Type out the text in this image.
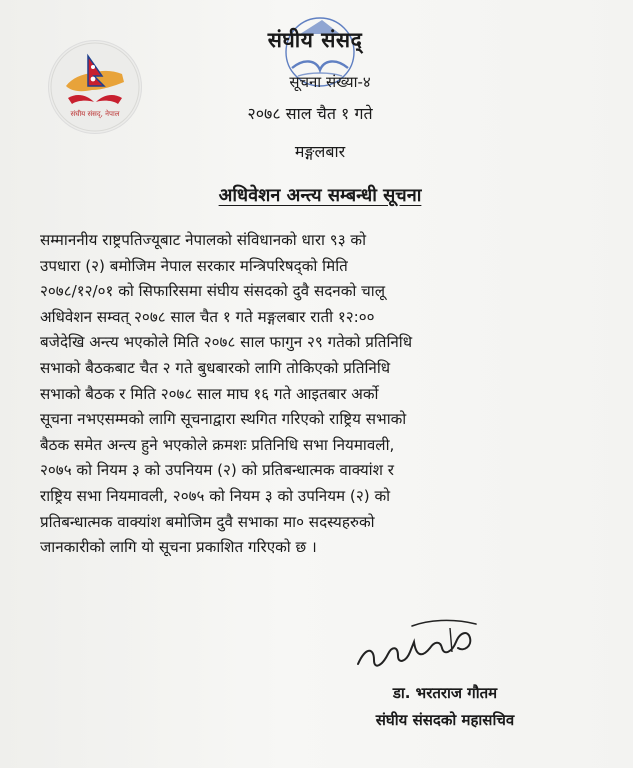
संघीय संसद्, नेपाल
संघीय संसद्
सूचना संख्या-४
२०७८ साल चैत १ गते
मङ्गलबार
अधिवेशन अन्त्य सम्बन्धी सूचना
सम्माननीय राष्ट्रपतिज्यूबाट नेपालको संविधानको धारा ९३ को
उपधारा (२) बमोजिम नेपाल सरकार मन्त्रिपरिषद्को मिति
२०७८/१२/०१ को सिफारिसमा संघीय संसदको दुवै सदनको चालू
अधिवेशन सम्वत् २०७८ साल चैत १ गते मङ्गलबार राती १२:००
बजेदेखि अन्त्य भएकोले मिति २०७८ साल फागुन २९ गतेको प्रतिनिधि
सभाको बैठकबाट चैत २ गते बुधबारको लागि तोकिएको प्रतिनिधि
सभाको बैठक र मिति २०७८ साल माघ १६ गते आइतबार अर्को
सूचना नभएसम्मको लागि सूचनाद्वारा स्थगित गरिएको राष्ट्रिय सभाको
बैठक समेत अन्त्य हुने भएकोले क्रमशः प्रतिनिधि सभा नियमावली,
२०७५ को नियम ३ को उपनियम (२) को प्रतिबन्धात्मक वाक्यांश र
राष्ट्रिय सभा नियमावली, २०७५ को नियम ३ को उपनियम (२) को
प्रतिबन्धात्मक वाक्यांश बमोजिम दुवै सभाका मा० सदस्यहरुको
जानकारीको लागि यो सूचना प्रकाशित गरिएको छ ।
डा. भरतराज गौतम
संघीय संसदको महासचिव
